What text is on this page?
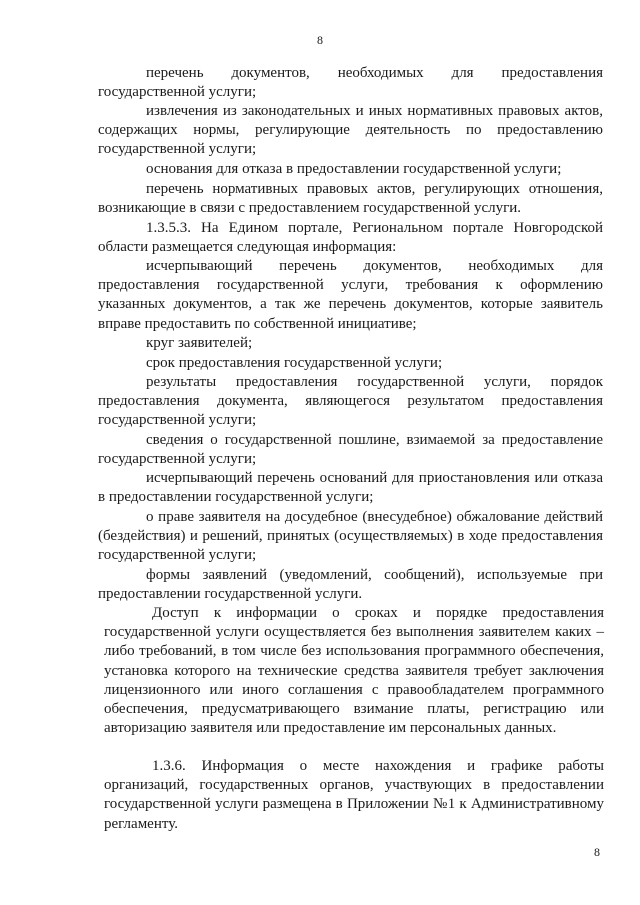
8

перечень документов, необходимых для предоставления государственной услуги;

извлечения из законодательных и иных нормативных правовых актов, содержащих нормы, регулирующие деятельность по предоставлению государственной услуги;

основания для отказа в предоставлении государственной услуги;

перечень нормативных правовых актов, регулирующих отношения, возникающие в связи с предоставлением государственной услуги.

1.3.5.3. На Едином портале, Региональном портале Новгородской области размещается следующая информация:

исчерпывающий перечень документов, необходимых для предоставления государственной услуги, требования к оформлению указанных документов, а так же перечень документов, которые заявитель вправе предоставить по собственной инициативе;

круг заявителей;

срок предоставления государственной услуги;

результаты предоставления государственной услуги, порядок предоставления документа, являющегося результатом предоставления государственной услуги;

сведения о государственной пошлине, взимаемой за предоставление государственной услуги;

исчерпывающий перечень оснований для приостановления или отказа в предоставлении государственной услуги;

о праве заявителя на досудебное (внесудебное) обжалование действий (бездействия) и решений, принятых (осуществляемых) в ходе предоставления государственной услуги;

формы заявлений (уведомлений, сообщений), используемые при предоставлении государственной услуги.

Доступ к информации о сроках и порядке предоставления государственной услуги осуществляется без выполнения заявителем каких – либо требований, в том числе без использования программного обеспечения, установка которого на технические средства заявителя требует заключения лицензионного или иного соглашения с правообладателем программного обеспечения, предусматривающего взимание платы, регистрацию или авторизацию заявителя или предоставление им персональных данных.

1.3.6. Информация о месте нахождения и графике работы организаций, государственных органов, участвующих в предоставлении государственной услуги размещена в Приложении №1 к Административному регламенту.

8
